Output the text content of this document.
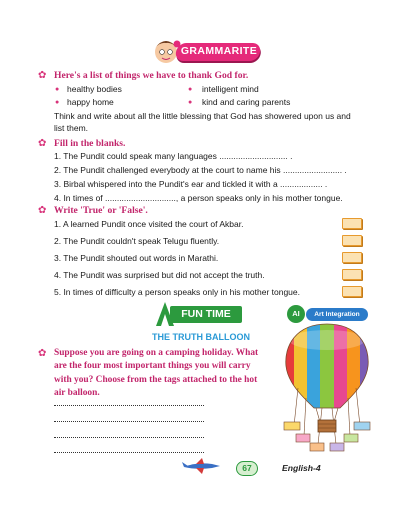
GRAMMARITE
✿ Here's a list of things we have to thank God for.
● healthy bodies	● intelligent mind
● happy home	● kind and caring parents
Think and write about all the little blessing that God has showered upon us and
list them.
✿ Fill in the blanks.
1. The Pundit could speak many languages ............................. .
2. The Pundit challenged everybody at the court to name his ......................... .
3. Birbal whispered into the Pundit's ear and tickled it with a .................. .
4. In times of .............................., a person speaks only in his mother tongue.
✿ Write 'True' or 'False'.
1. A learned Pundit once visited the court of Akbar.
2. The Pundit couldn't speak Telugu fluently.
3. The Pundit shouted out words in Marathi.
4. The Pundit was surprised but did not accept the truth.
5. In times of difficulty a person speaks only in his mother tongue.
FUN TIME	AI	Art Integration
THE TRUTH BALLOON
✿ Suppose you are going on a camping holiday. What
are the four most important things you will carry
with you? Choose from the tags attached to the hot
air balloon.
67	English-4
